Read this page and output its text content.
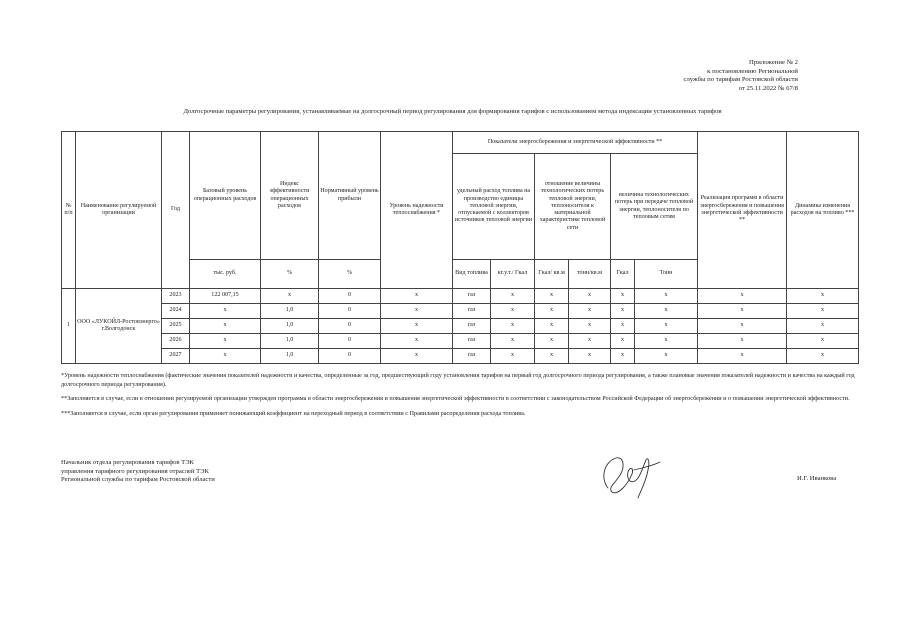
Приложение № 2
к постановлению Региональной
службы по тарифам Ростовской области
от 25.11.2022 № 67/8
Долгосрочные параметры регулирования, устанавливаемые на долгосрочный период регулирования для формирования тарифов с использованием метода индексации установленных тарифов
№ п/п	Наименование регулируемой организации	Год	Базовый уровень операционных расходов	Индекс эффективности операционных расходов	Нормативный уровень прибыли	Уровень надежности теплоснабжения *	Показатели энергосбережения и энергетической эффективности **						Реализация программ в области энергосбережения и повышения энергетической эффективности **	Динамика изменения расходов на топливо ***
							удельный расход топлива на производство единицы тепловой энергии, отпускаемой с коллекторов источников тепловой энергии		отношение величины технологических потерь тепловой энергии, теплоносителя к материальной характеристике тепловой сети		величина технологических потерь при передаче тепловой энергии, теплоносителя по тепловым сетям			
			тыс. руб.	%	%		Вид топлива	кг.у.т./ Гкал	Гкал/ кв.м	тонн/кв.м	Гкал	Тонн		
1	ООО «ЛУКОЙЛ-Ростовэнерго» г.Волгодонск	2023	122 007,15	x	0	x	газ	x	x	x	x	x	x	x
		2024	x	1,0	0	x	газ	x	x	x	x	x	x	x
		2025	x	1,0	0	x	газ	x	x	x	x	x	x	x
		2026	x	1,0	0	x	газ	x	x	x	x	x	x	x
		2027	x	1,0	0	x	газ	x	x	x	x	x	x	x

*Уровень надежности теплоснабжения (фактические значения показателей надежности и качества, определенные за год, предшествующий году установления тарифов на первый год долгосрочного периода регулирования, а также плановые значения показателей надежности и качества на каждый год долгосрочного периода регулирования).

**Заполняется в случае, если в отношении регулируемой организации утвержден программа в области энергосбережения и повышения энергетической эффективности в соответствии с законодательством Российской Федерации об энергосбережении и о повышении энергетической эффективности.

***Заполняется в случае, если орган регулирования применяет понижающий коэффициент на переходный период в соответствии с Правилами распределения расхода топлива.

Начальник отдела регулирования тарифов ТЭК
управления тарифного регулирования отраслей ТЭК
Региональной службы по тарифам Ростовской области	И.Г. Иванкова
